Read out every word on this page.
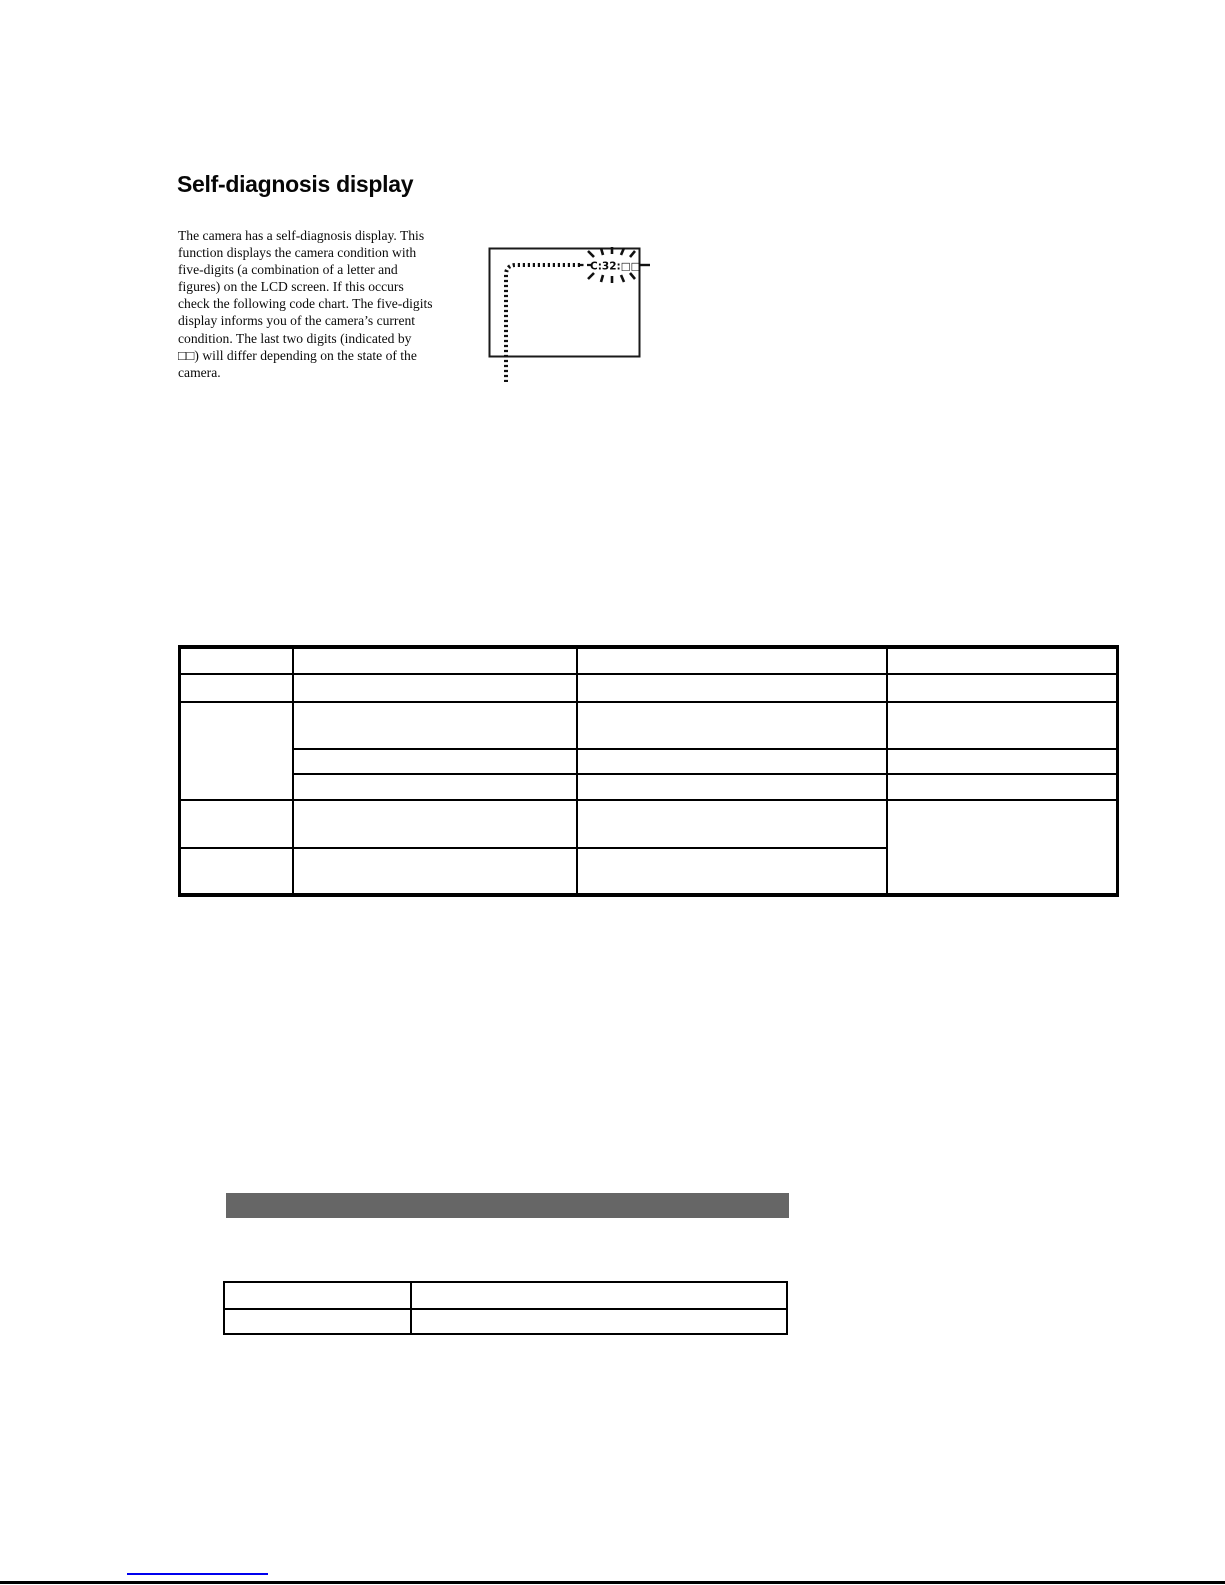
Self-diagnosis display
The camera has a self-diagnosis display. This function displays the camera condition with five-digits (a combination of a letter and figures) on the LCD screen. If this occurs check the following code chart. The five-digits display informs you of the camera’s current condition. The last two digits (indicated by □□) will differ depending on the state of the camera.
C:32:□□
